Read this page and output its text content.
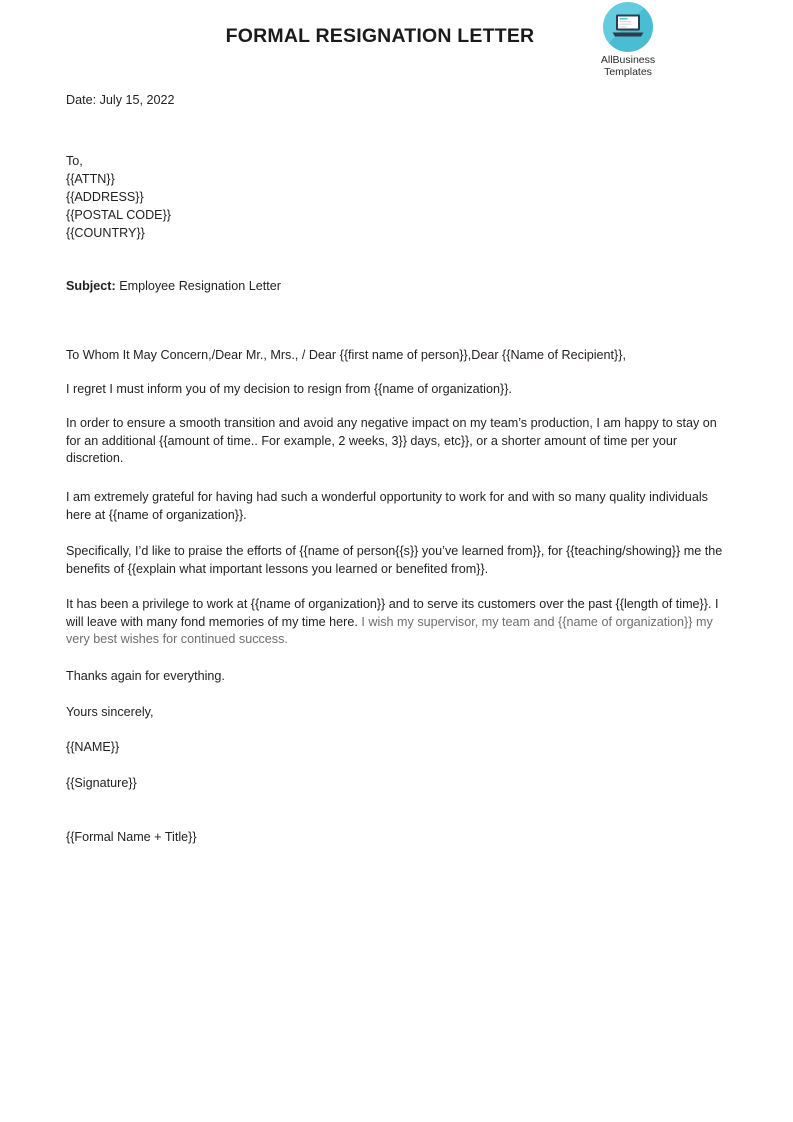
FORMAL RESIGNATION LETTER
AllBusiness
Templates
Date: July 15, 2022
To,
{{ATTN}}
{{ADDRESS}}
{{POSTAL CODE}}
{{COUNTRY}}
Subject: Employee Resignation Letter
To Whom It May Concern,/Dear Mr., Mrs., / Dear {{first name of person}},Dear {{Name of Recipient}},
I regret I must inform you of my decision to resign from {{name of organization}}.
In order to ensure a smooth transition and avoid any negative impact on my team’s production, I am happy to stay on for an additional {{amount of time.. For example, 2 weeks, 3}} days, etc}}, or a shorter amount of time per your discretion.
I am extremely grateful for having had such a wonderful opportunity to work for and with so many quality individuals here at {{name of organization}}.
Specifically, I’d like to praise the efforts of {{name of person{{s}} you’ve learned from}}, for {{teaching/showing}} me the benefits of {{explain what important lessons you learned or benefited from}}.
It has been a privilege to work at {{name of organization}} and to serve its customers over the past {{length of time}}. I will leave with many fond memories of my time here. I wish my supervisor, my team and {{name of organization}} my very best wishes for continued success.
Thanks again for everything.
Yours sincerely,
{{NAME}}
{{Signature}}
{{Formal Name + Title}}
